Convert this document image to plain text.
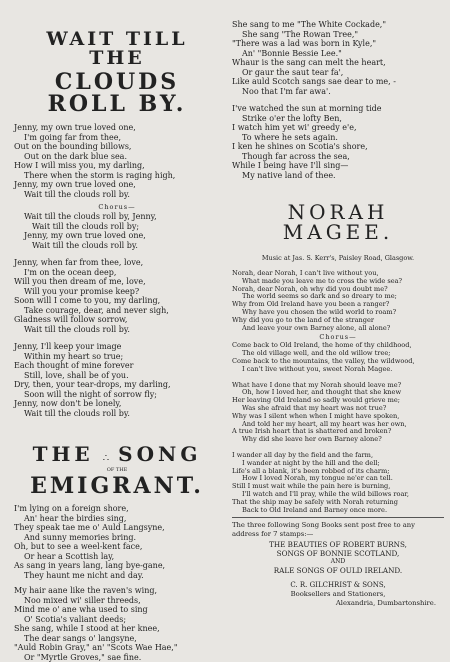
WAIT TILL THE
CLOUDS ROLL BY.
Jenny, my own true loved one,
I'm going far from thee,
Out on the bounding billows,
Out on the dark blue sea.
How I will miss you, my darling,
There when the storm is raging high,
Jenny, my own true loved one,
Wait till the clouds roll by.
Chorus—
Wait till the clouds roll by, Jenny,
Wait till the clouds roll by;
Jenny, my own true loved one,
Wait till the clouds roll by.
Jenny, when far from thee, love,
I'm on the ocean deep,
Will you then dream of me, love,
Will you your promise keep?
Soon will I come to you, my darling,
Take courage, dear, and never sigh,
Gladness will follow sorrow,
Wait till the clouds roll by.
Jenny, I'll keep your image
Within my heart so true;
Each thought of mine forever
Still, love, shall be of you.
Dry, then, your tear-drops, my darling,
Soon will the night of sorrow fly;
Jenny, now don't be lonely,
Wait till the clouds roll by.
THE ∴ SONG
OF THE
EMIGRANT.
I'm lying on a foreign shore,
An' hear the birdies sing,
They speak tae me o' Auld Langsyne,
And sunny memories bring.
Oh, but to see a weel-kent face,
Or hear a Scottish lay,
As sang in years lang, lang bye-gane,
They haunt me nicht and day.
My hair aane like the raven's wing,
Noo mixed wi' siller threeds,
Mind me o' ane wha used to sing
O' Scotia's valiant deeds;
She sang, while I stood at her knee,
The dear sangs o' langsyne,
"Auld Robin Gray," an' "Scots Wae Hae,"
Or "Myrtle Groves," sae fine.
She sang to me "The White Cockade,"
She sang "The Rowan Tree,"
"There was a lad was born in Kyle,"
An' "Bonnie Bessie Lee."
Whaur is the sang can melt the heart,
Or gaur the saut tear fa',
Like auld Scotch sangs sae dear to me, -
Noo that I'm far awa'.
I've watched the sun at morning tide
Strike o'er the lofty Ben,
I watch him yet wi' greedy e'e,
To where he sets again.
I ken he shines on Scotia's shore,
Though far across the sea,
While I being have I'll sing—
My native land of thee.
NORAH MAGEE.
Music at Jas. S. Kerr's, Paisley Road, Glasgow.
Norah, dear Norah, I can't live without you,
What made you leave me to cross the wide sea?
Norah, dear Norah, oh why did you doubt me?
The world seems so dark and so dreary to me;
Why from Old Ireland have you been a ranger?
Why have you chosen the wild world to roam?
Why did you go to the land of the stranger
And leave your own Barney alone, all alone?
Chorus—
Come back to Old Ireland, the home of thy childhood,
The old village well, and the old willow tree;
Come back to the mountains, the valley, the wildwood,
I can't live without you, sweet Norah Magee.
What have I done that my Norah should leave me?
Oh, how I loved her, and thought that she knew
Her leaving Old Ireland so sadly would grieve me;
Was she afraid that my heart was not true?
Why was I silent when when I might have spoken,
And told her my heart, all my heart was her own,
A true Irish heart that is shattered and broken?
Why did she leave her own Barney alone?
I wander all day by the field and the farm,
I wander at night by the hill and the dell;
Life's all a blank, it's been robbed of its charm;
How I loved Norah, my tongue ne'er can tell.
Still I must wait while the pain here is burning,
I'll watch and I'll pray, while the wild billows roar,
That the ship may be safely with Norah returning
Back to Old Ireland and Barney once more.
The three following Song Books sent post free to any address for 7 stamps:—
THE BEAUTIES OF ROBERT BURNS,
SONGS OF BONNIE SCOTLAND,
AND
RALE SONGS OF OULD IRELAND.
C. R. GILCHRIST & SONS,
Booksellers and Stationers,
Alexandria, Dumbartonshire.
